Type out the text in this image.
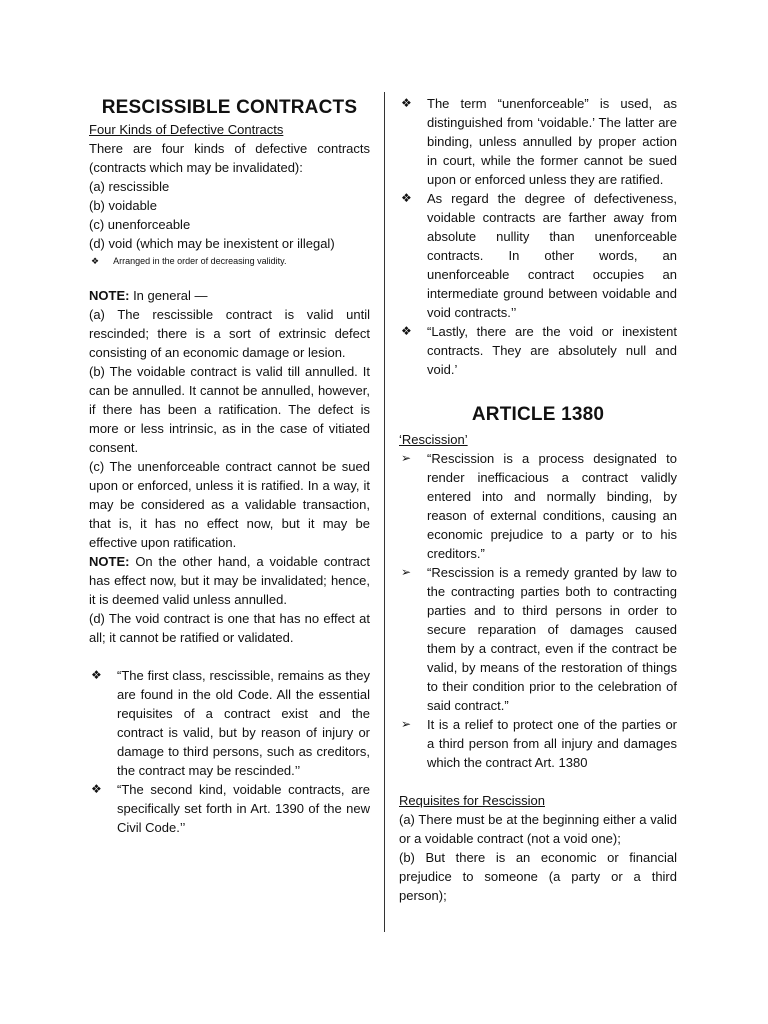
RESCISSIBLE CONTRACTS

Four Kinds of Defective Contracts

There are four kinds of defective contracts (contracts which may be invalidated):

(a) rescissible

(b) voidable

(c) unenforceable

(d) void (which may be inexistent or illegal)

❖ Arranged in the order of decreasing validity.

NOTE: In general —

(a) The rescissible contract is valid until rescinded; there is a sort of extrinsic defect consisting of an economic damage or lesion.

(b) The voidable contract is valid till annulled. It can be annulled. It cannot be annulled, however, if there has been a ratification. The defect is more or less intrinsic, as in the case of vitiated consent.

(c) The unenforceable contract cannot be sued upon or enforced, unless it is ratified. In a way, it may be considered as a validable transaction, that is, it has no effect now, but it may be effective upon ratification.

NOTE: On the other hand, a voidable contract has effect now, but it may be invalidated; hence, it is deemed valid unless annulled.

(d) The void contract is one that has no effect at all; it cannot be ratified or validated.

❖	“The first class, rescissible, remains as they are found in the old Code. All the essential requisites of a contract exist and the contract is valid, but by reason of injury or damage to third persons, such as creditors, the contract may be rescinded.’’
❖	“The second kind, voidable contracts, are specifically set forth in Art. 1390 of the new Civil Code.’’
❖	The term “unenforceable” is used, as distinguished from ‘voidable.’ The latter are binding, unless annulled by proper action in court, while the former cannot be sued upon or enforced unless they are ratified.
❖	As regard the degree of defectiveness, voidable contracts are farther away from absolute nullity than unenforceable contracts. In other words, an unenforceable contract occupies an intermediate ground between voidable and void contracts.’’
❖	“Lastly, there are the void or inexistent contracts. They are absolutely null and void.’
ARTICLE 1380

‘Rescission’

➢	“Rescission is a process designated to render inefficacious a contract validly entered into and normally binding, by reason of external conditions, causing an economic prejudice to a party or to his creditors.”
➢	“Rescission is a remedy granted by law to the contracting parties both to contracting parties and to third persons in order to secure reparation of damages caused them by a contract, even if the contract be valid, by means of the restoration of things to their condition prior to the celebration of said contract.”
➢	It is a relief to protect one of the parties or a third person from all injury and damages which the contract Art. 1380

Requisites for Rescission

(a) There must be at the beginning either a valid or a voidable contract (not a void one);

(b) But there is an economic or financial prejudice to someone (a party or a third person);
